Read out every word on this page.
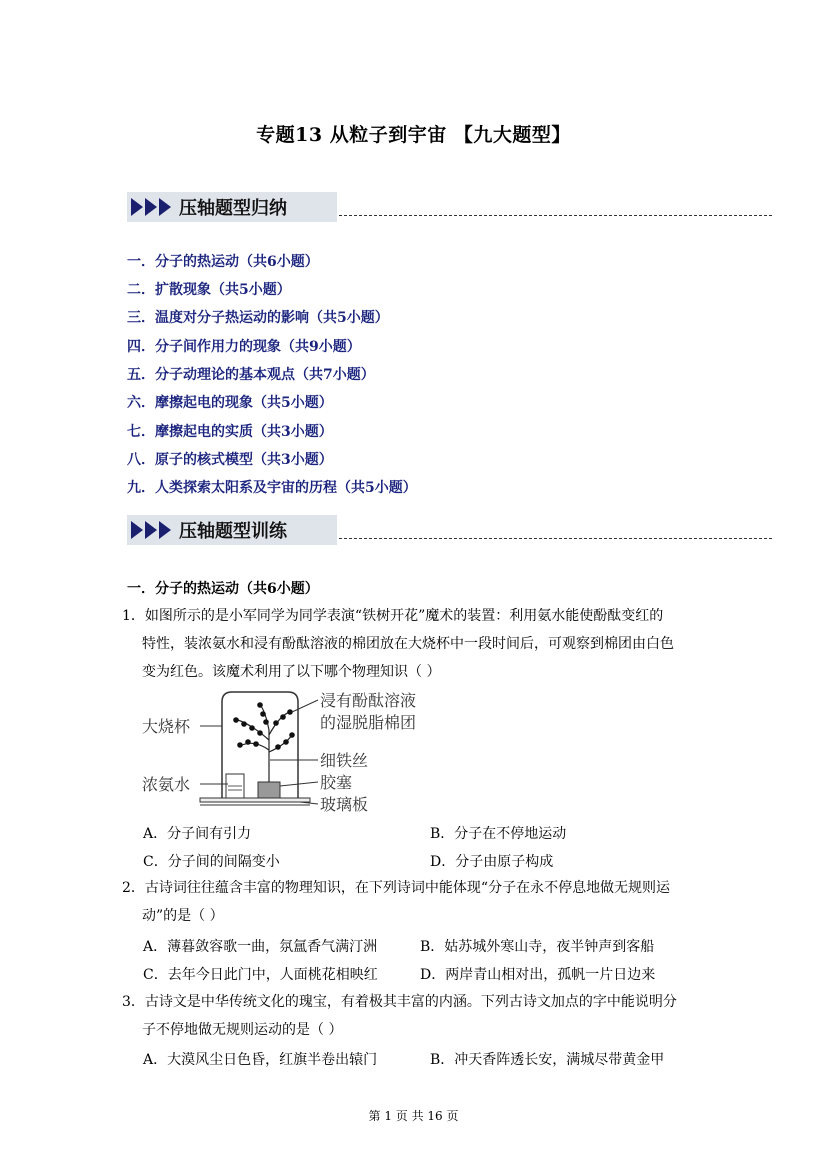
专题13 从粒子到宇宙 【九大题型】
压轴题型归纳
一．分子的热运动（共6小题）
二．扩散现象（共5小题）
三．温度对分子热运动的影响（共5小题）
四．分子间作用力的现象（共9小题）
五．分子动理论的基本观点（共7小题）
六．摩擦起电的现象（共5小题）
七．摩擦起电的实质（共3小题）
八．原子的核式模型（共3小题）
九．人类探索太阳系及宇宙的历程（共5小题）
压轴题型训练
一．分子的热运动（共6小题）
1．如图所示的是小军同学为同学表演“铁树开花”魔术的装置：利用氨水能使酚酞变红的

特性，装浓氨水和浸有酚酞溶液的棉团放在大烧杯中一段时间后，可观察到棉团由白色
变为红色。该魔术利用了以下哪个物理知识（ ）
大烧杯
浓氨水
浸有酚酞溶液
的湿脱脂棉团
细铁丝
胶塞
玻璃板
A．分子间有引力	B．分子在不停地运动
C．分子间的间隔变小	D．分子由原子构成
2．古诗词往往蕴含丰富的物理知识，在下列诗词中能体现“分子在永不停息地做无规则运

动”的是（ ）
A．薄暮敛容歌一曲，氛氲香气满汀洲	B．姑苏城外寒山寺，夜半钟声到客船
C．去年今日此门中，人面桃花相映红	D．两岸青山相对出，孤帆一片日边来
3．古诗文是中华传统文化的瑰宝，有着极其丰富的内涵。下列古诗文加点的字中能说明分

子不停地做无规则运动的是（ ）
A．大漠风尘日色昏，红旗半卷出辕门	B．冲天香阵透长安，满城尽带黄金甲
第 1 页 共 16 页
